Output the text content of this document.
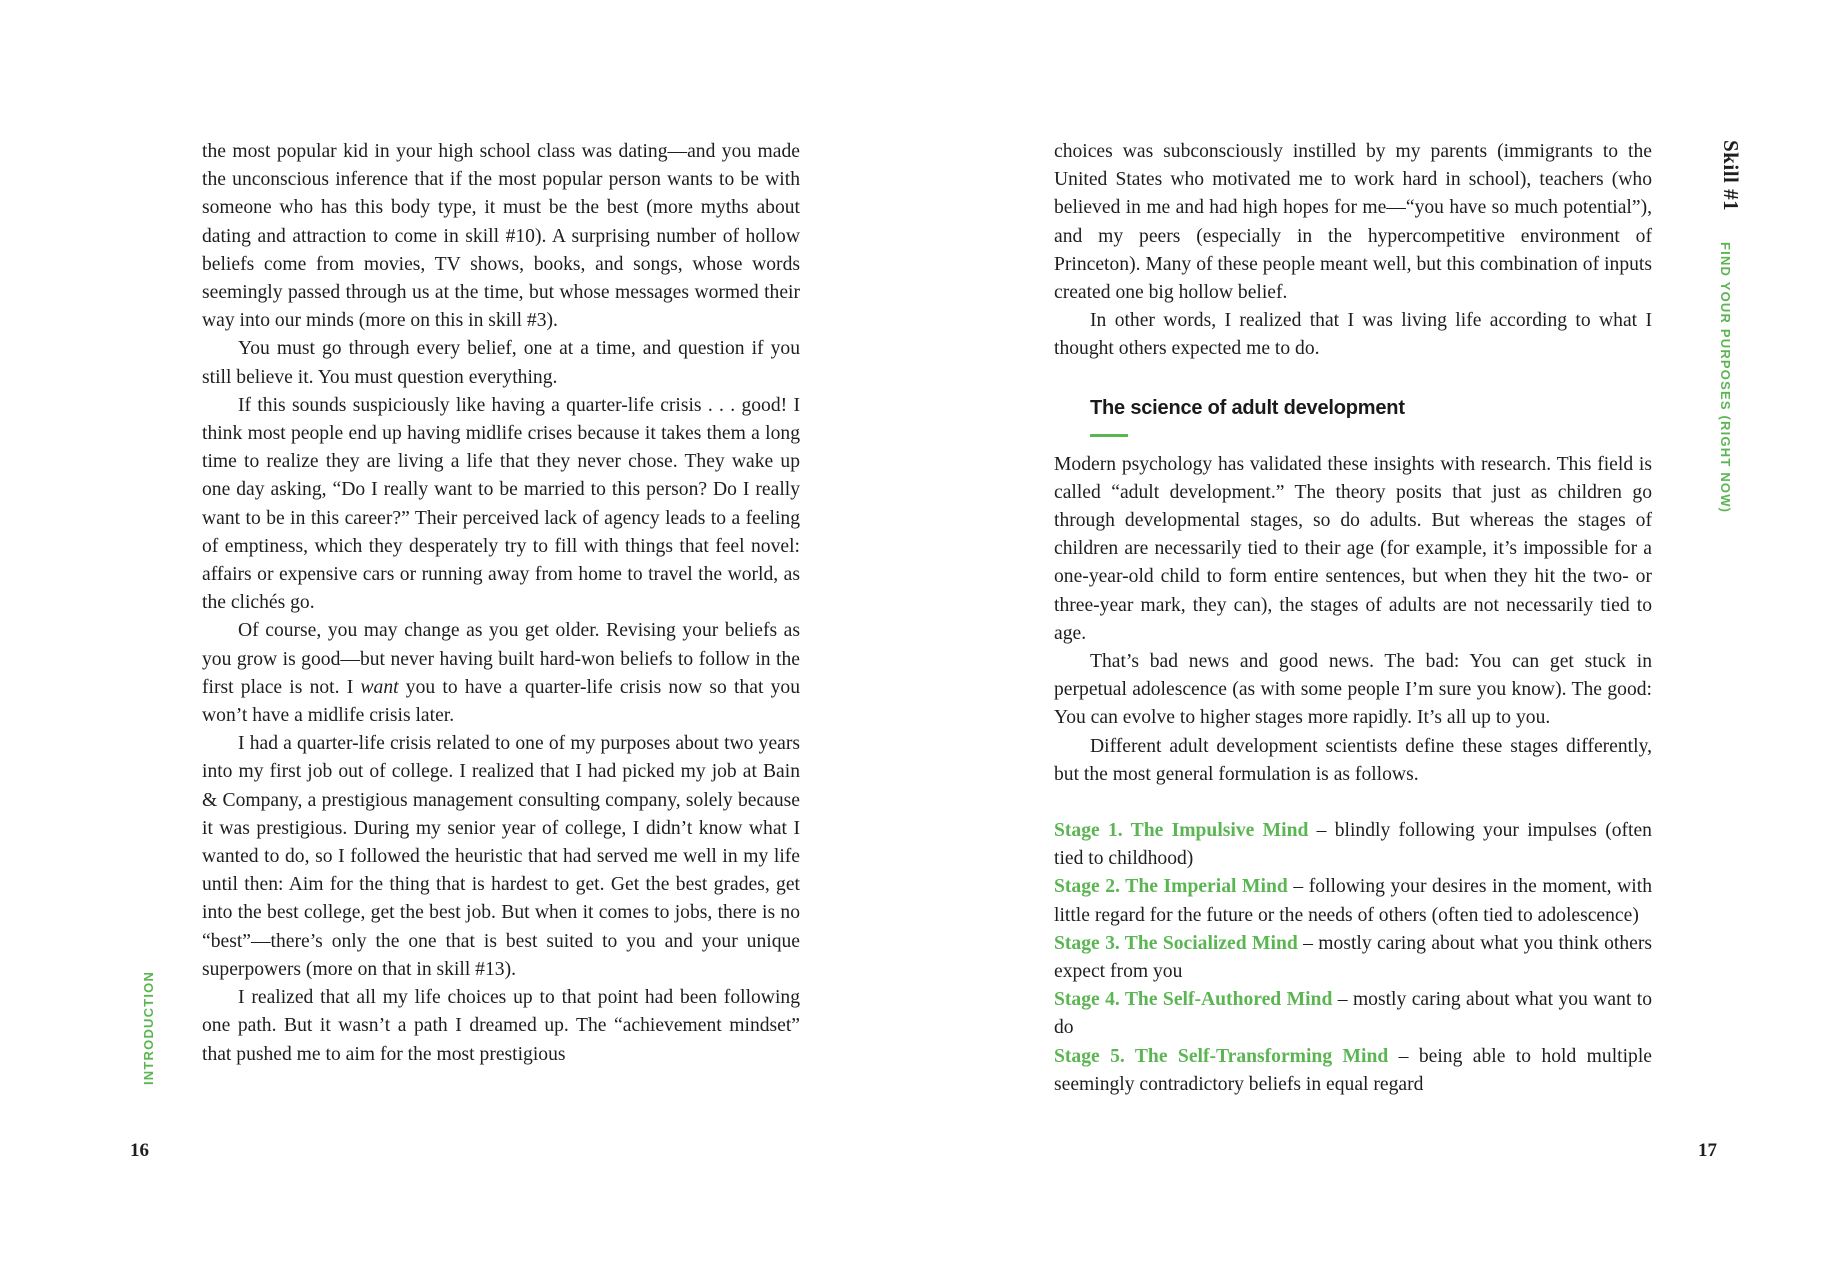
the most popular kid in your high school class was dating—and you made the unconscious inference that if the most popular person wants to be with someone who has this body type, it must be the best (more myths about dating and attraction to come in skill #10). A surprising number of hollow beliefs come from movies, TV shows, books, and songs, whose words seemingly passed through us at the time, but whose messages wormed their way into our minds (more on this in skill #3).

You must go through every belief, one at a time, and question if you still believe it. You must question everything.

If this sounds suspiciously like having a quarter-life crisis . . . good! I think most people end up having midlife crises because it takes them a long time to realize they are living a life that they never chose. They wake up one day asking, “Do I really want to be married to this person? Do I really want to be in this career?” Their perceived lack of agency leads to a feeling of emptiness, which they desperately try to fill with things that feel novel: affairs or expensive cars or running away from home to travel the world, as the clichés go.

Of course, you may change as you get older. Revising your beliefs as you grow is good—but never having built hard-won beliefs to follow in the first place is not. I want you to have a quarter-life crisis now so that you won’t have a midlife crisis later.

I had a quarter-life crisis related to one of my purposes about two years into my first job out of college. I realized that I had picked my job at Bain & Company, a prestigious management consulting company, solely because it was prestigious. During my senior year of college, I didn’t know what I wanted to do, so I followed the heuristic that had served me well in my life until then: Aim for the thing that is hardest to get. Get the best grades, get into the best college, get the best job. But when it comes to jobs, there is no “best”—there’s only the one that is best suited to you and your unique superpowers (more on that in skill #13).

I realized that all my life choices up to that point had been following one path. But it wasn’t a path I dreamed up. The “achievement mindset” that pushed me to aim for the most prestigious

INTRODUCTION
16

choices was subconsciously instilled by my parents (immigrants to the United States who motivated me to work hard in school), teachers (who believed in me and had high hopes for me—“you have so much potential”), and my peers (especially in the hypercompetitive environment of Princeton). Many of these people meant well, but this combination of inputs created one big hollow belief.

In other words, I realized that I was living life according to what I thought others expected me to do.

The science of adult development

Modern psychology has validated these insights with research. This field is called “adult development.” The theory posits that just as children go through developmental stages, so do adults. But whereas the stages of children are necessarily tied to their age (for example, it’s impossible for a one-year-old child to form entire sentences, but when they hit the two- or three-year mark, they can), the stages of adults are not necessarily tied to age.

That’s bad news and good news. The bad: You can get stuck in perpetual adolescence (as with some people I’m sure you know). The good: You can evolve to higher stages more rapidly. It’s all up to you.

Different adult development scientists define these stages differently, but the most general formulation is as follows.

Stage 1. The Impulsive Mind – blindly following your impulses (often tied to childhood)

Stage 2. The Imperial Mind – following your desires in the moment, with little regard for the future or the needs of others (often tied to adolescence)

Stage 3. The Socialized Mind – mostly caring about what you think others expect from you

Stage 4. The Self-Authored Mind – mostly caring about what you want to do

Stage 5. The Self-Transforming Mind – being able to hold multiple seemingly contradictory beliefs in equal regard

Skill #1
FIND YOUR PURPOSES (RIGHT NOW)
17
